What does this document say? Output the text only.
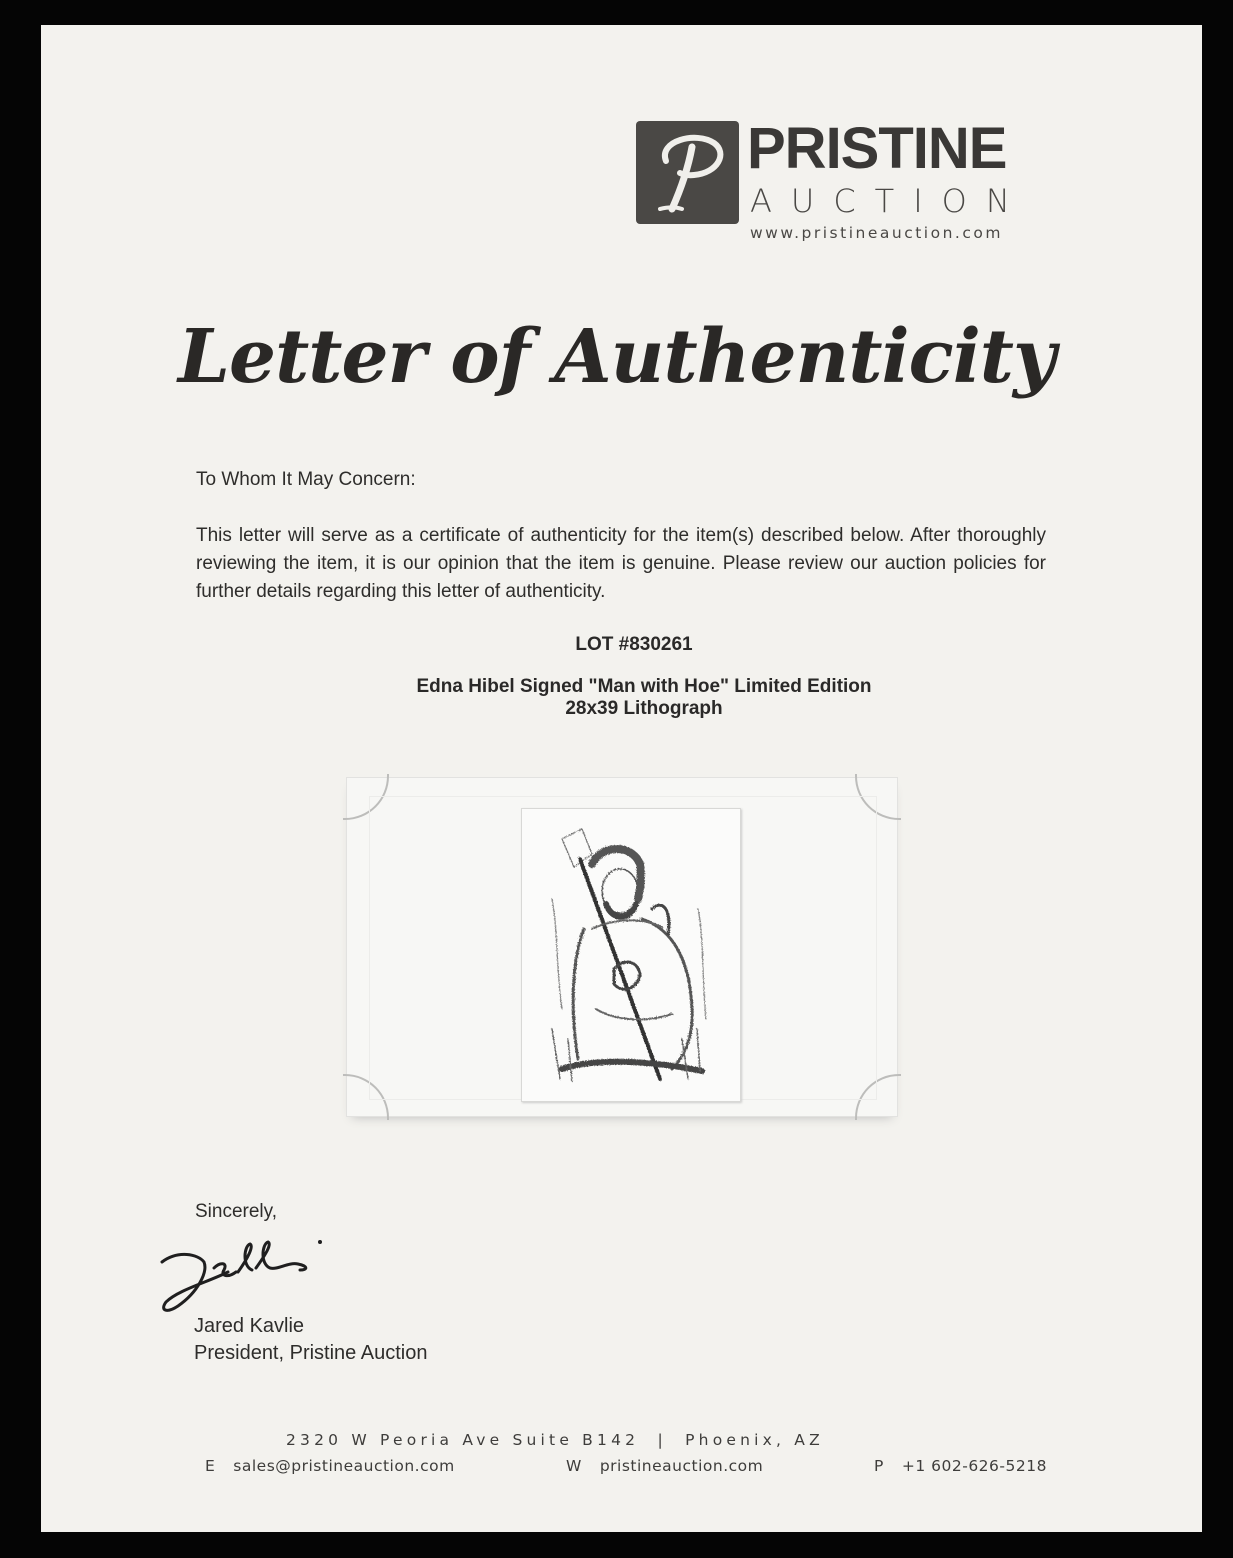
PRISTINE
AUCTION
www.pristineauction.com
Letter of Authenticity
To Whom It May Concern:
This letter will serve as a certificate of authenticity for the item(s) described below. After thoroughly reviewing the item, it is our opinion that the item is genuine. Please review our auction policies for further details regarding this letter of authenticity.
LOT #830261
Edna Hibel Signed "Man with Hoe" Limited Edition
28x39 Lithograph
Sincerely,
Jared Kavlie
President, Pristine Auction
2320 W Peoria Ave Suite B142  |  Phoenix, AZ
E sales@pristineauction.com	W pristineauction.com	P +1 602-626-5218
